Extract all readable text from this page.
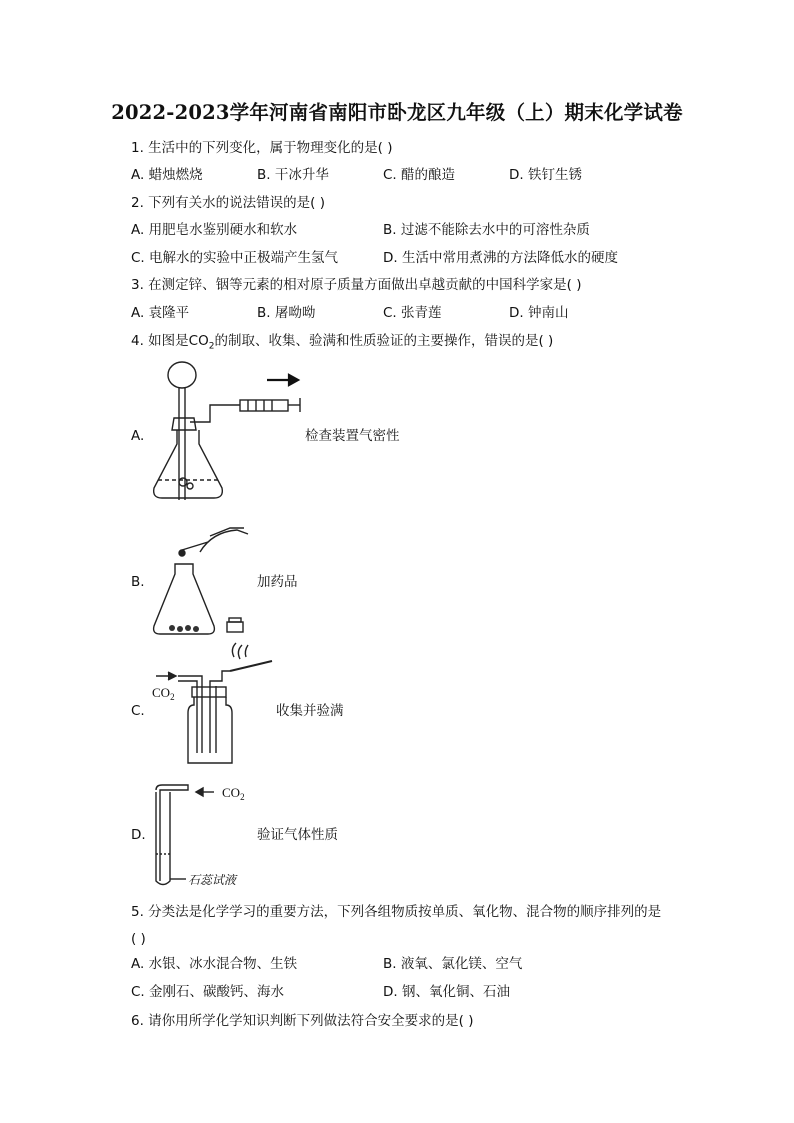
2022-2023学年河南省南阳市卧龙区九年级（上）期末化学试卷
1. 生活中的下列变化，属于物理变化的是( )
A. 蜡烛燃烧	B. 干冰升华	C. 醋的酿造	D. 铁钉生锈
2. 下列有关水的说法错误的是( )
A. 用肥皂水鉴别硬水和软水	B. 过滤不能除去水中的可溶性杂质
C. 电解水的实验中正极端产生氢气	D. 生活中常用煮沸的方法降低水的硬度
3. 在测定锌、铟等元素的相对原子质量方面做出卓越贡献的中国科学家是( )
A. 袁隆平	B. 屠呦呦	C. 张青莲	D. 钟南山
4. 如图是$CO_2$的制取、收集、验满和性质验证的主要操作，错误的是( )
A.	检查装置气密性
B.	加药品
C.	收集并验满
$CO_2$
D.	验证气体性质
$CO_2$
石蕊试液
5. 分类法是化学学习的重要方法，下列各组物质按单质、氧化物、混合物的顺序排列的是
( )
A. 水银、冰水混合物、生铁	B. 液氧、氯化镁、空气
C. 金刚石、碳酸钙、海水	D. 钢、氧化铜、石油
6. 请你用所学化学知识判断下列做法符合安全要求的是( )
